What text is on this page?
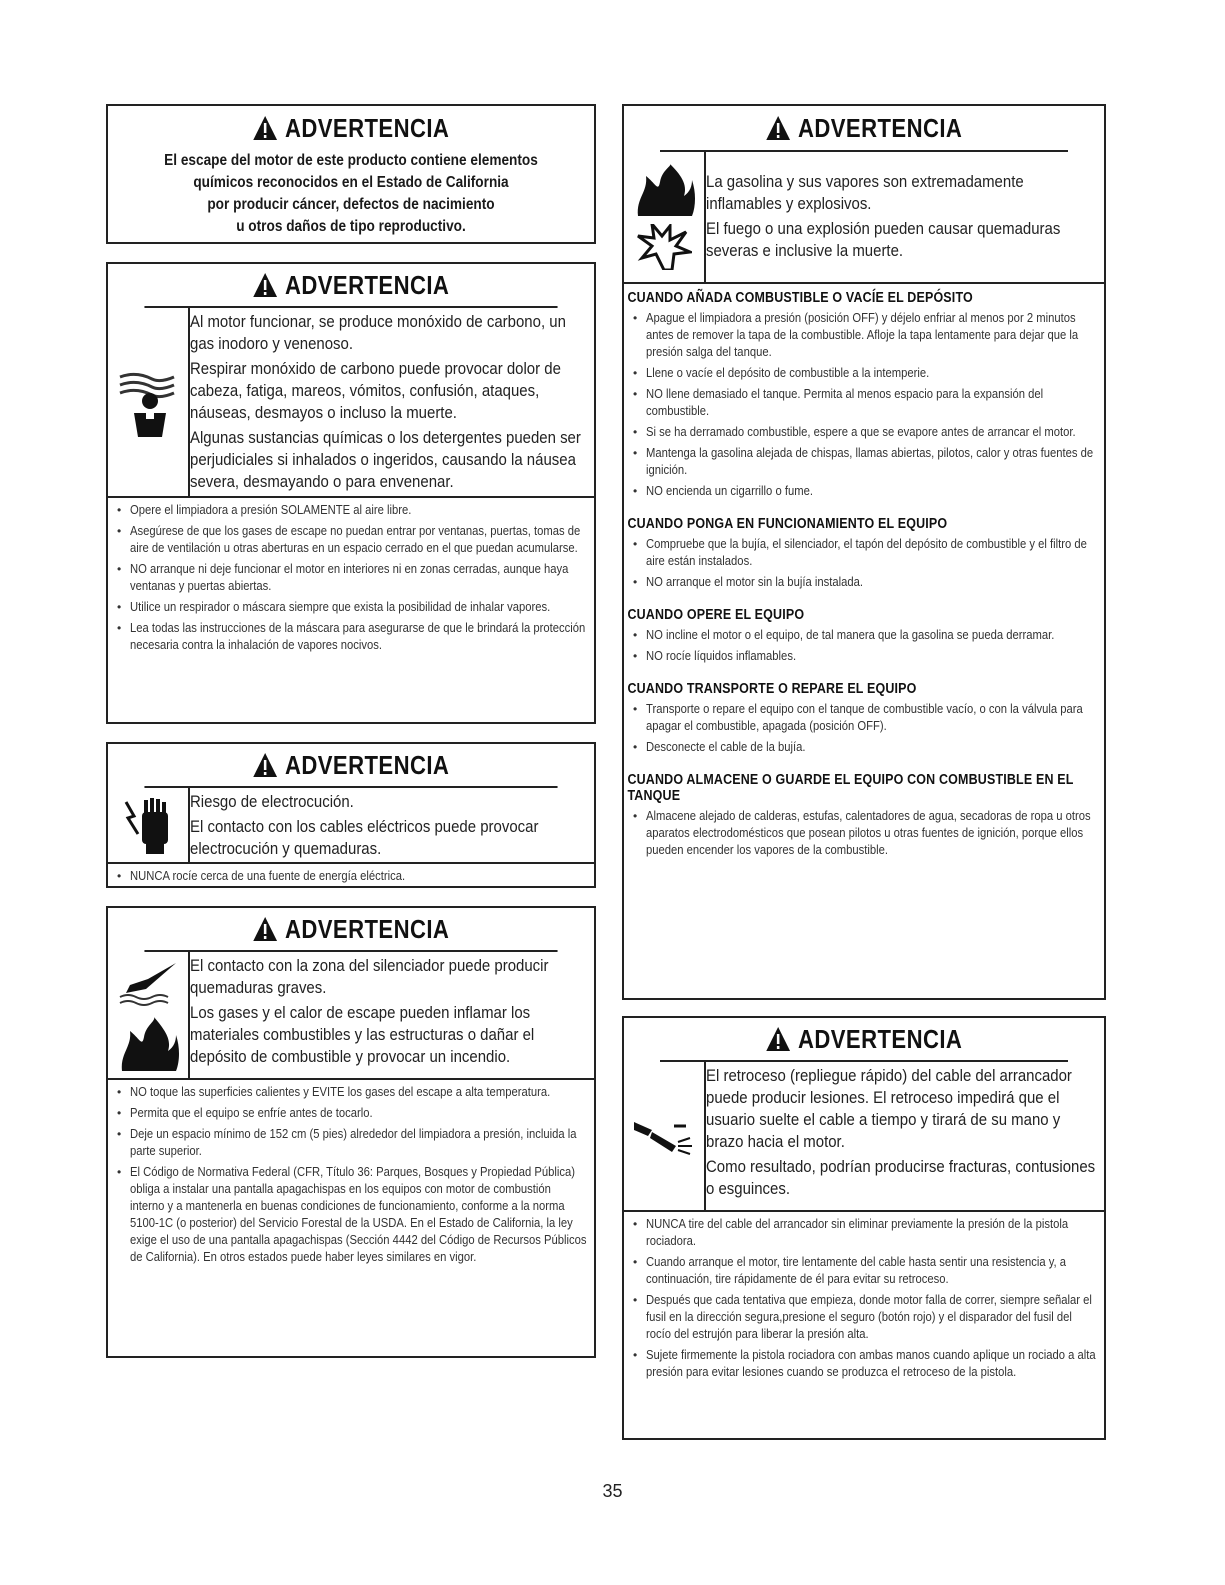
ADVERTENCIA
El escape del motor de este producto contiene elementos
químicos reconocidos en el Estado de California
por producir cáncer, defectos de nacimiento
u otros daños de tipo reproductivo.
ADVERTENCIA
Al motor funcionar, se produce monóxido de carbono, un gas inodoro y venenoso.
Respirar monóxido de carbono puede provocar dolor de cabeza, fatiga, mareos, vómitos, confusión, ataques, náuseas, desmayos o incluso la muerte.
Algunas sustancias químicas o los detergentes pueden ser perjudiciales si inhalados o ingeridos, causando la náusea severa, desmayando o para envenenar.
• Opere el limpiadora a presión SOLAMENTE al aire libre.
• Asegúrese de que los gases de escape no puedan entrar por ventanas, puertas, tomas de aire de ventilación u otras aberturas en un espacio cerrado en el que puedan acumularse.
• NO arranque ni deje funcionar el motor en interiores ni en zonas cerradas, aunque haya ventanas y puertas abiertas.
• Utilice un respirador o máscara siempre que exista la posibilidad de inhalar vapores.
• Lea todas las instrucciones de la máscara para asegurarse de que le brindará la protección necesaria contra la inhalación de vapores nocivos.
ADVERTENCIA
Riesgo de electrocución.
El contacto con los cables eléctricos puede provocar electrocución y quemaduras.
• NUNCA rocíe cerca de una fuente de energía eléctrica.
ADVERTENCIA
El contacto con la zona del silenciador puede producir quemaduras graves.
Los gases y el calor de escape pueden inflamar los materiales combustibles y las estructuras o dañar el depósito de combustible y provocar un incendio.
• NO toque las superficies calientes y EVITE los gases del escape a alta temperatura.
• Permita que el equipo se enfríe antes de tocarlo.
• Deje un espacio mínimo de 152 cm (5 pies) alrededor del limpiadora a presión, incluida la parte superior.
• El Código de Normativa Federal (CFR, Título 36: Parques, Bosques y Propiedad Pública) obliga a instalar una pantalla apagachispas en los equipos con motor de combustión interno y a mantenerla en buenas condiciones de funcionamiento, conforme a la norma 5100-1C (o posterior) del Servicio Forestal de la USDA. En el Estado de California, la ley exige el uso de una pantalla apagachispas (Sección 4442 del Código de Recursos Públicos de California). En otros estados puede haber leyes similares en vigor.
ADVERTENCIA
La gasolina y sus vapores son extremadamente inflamables y explosivos.
El fuego o una explosión pueden causar quemaduras severas e inclusive la muerte.
CUANDO AÑADA COMBUSTIBLE O VACÍE EL DEPÓSITO
• Apague el limpiadora a presión (posición OFF) y déjelo enfriar al menos por 2 minutos antes de remover la tapa de la combustible. Afloje la tapa lentamente para dejar que la presión salga del tanque.
• Llene o vacíe el depósito de combustible a la intemperie.
• NO llene demasiado el tanque. Permita al menos espacio para la expansión del combustible.
• Si se ha derramado combustible, espere a que se evapore antes de arrancar el motor.
• Mantenga la gasolina alejada de chispas, llamas abiertas, pilotos, calor y otras fuentes de ignición.
• NO encienda un cigarrillo o fume.
CUANDO PONGA EN FUNCIONAMIENTO EL EQUIPO
• Compruebe que la bujía, el silenciador, el tapón del depósito de combustible y el filtro de aire están instalados.
• NO arranque el motor sin la bujía instalada.
CUANDO OPERE EL EQUIPO
• NO incline el motor o el equipo, de tal manera que la gasolina se pueda derramar.
• NO rocíe líquidos inflamables.
CUANDO TRANSPORTE O REPARE EL EQUIPO
• Transporte o repare el equipo con el tanque de combustible vacío, o con la válvula para apagar el combustible, apagada (posición OFF).
• Desconecte el cable de la bujía.
CUANDO ALMACENE O GUARDE EL EQUIPO CON COMBUSTIBLE EN EL TANQUE
• Almacene alejado de calderas, estufas, calentadores de agua, secadoras de ropa u otros aparatos electrodomésticos que posean pilotos u otras fuentes de ignición, porque ellos pueden encender los vapores de la combustible.
ADVERTENCIA
El retroceso (repliegue rápido) del cable del arrancador puede producir lesiones. El retroceso impedirá que el usuario suelte el cable a tiempo y tirará de su mano y brazo hacia el motor.
Como resultado, podrían producirse fracturas, contusiones o esguinces.
• NUNCA tire del cable del arrancador sin eliminar previamente la presión de la pistola rociadora.
• Cuando arranque el motor, tire lentamente del cable hasta sentir una resistencia y, a continuación, tire rápidamente de él para evitar su retroceso.
• Después que cada tentativa que empieza, donde motor falla de correr, siempre señalar el fusil en la dirección segura,presione el seguro (botón rojo) y el disparador del fusil del rocío del estrujón para liberar la presión alta.
• Sujete firmemente la pistola rociadora con ambas manos cuando aplique un rociado a alta presión para evitar lesiones cuando se produzca el retroceso de la pistola.
35
